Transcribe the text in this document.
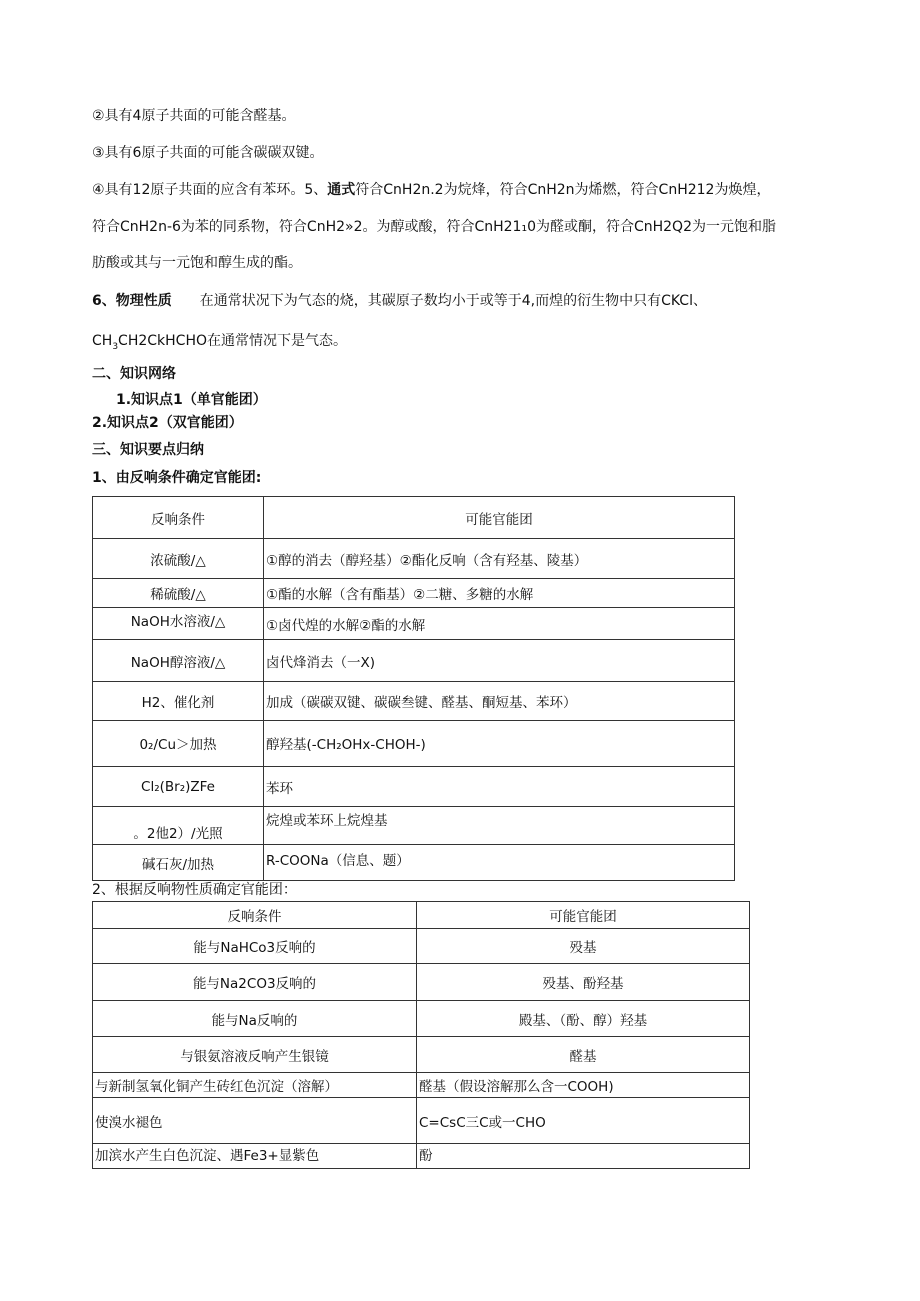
②具有4原子共面的可能含醛基。
③具有6原子共面的可能含碳碳双键。
④具有12原子共面的应含有苯环。5、通式符合CnH2n.2为烷烽，符合CnH2n为烯燃，符合CnH212为焕煌，
符合CnH2n-6为苯的同系物，符合CnH2»2。为醇或酸，符合CnH21₁0为醛或酮，符合CnH2Q2为一元饱和脂
肪酸或其与一元饱和醇生成的酯。
6、物理性质 在通常状况下为气态的烧，其碳原子数均小于或等于4,而煌的衍生物中只有CKCl、
$CH_3CH2CkHCHO$在通常情况下是气态。
二、知识网络
1.知识点1（单官能团）
2.知识点2（双官能团）
三、知识要点归纳
1、由反响条件确定官能团:
反响条件	可能官能团
浓硫酸/△	①醇的消去（醇羟基）②酯化反响（含有羟基、陵基）
稀硫酸/△	①酯的水解（含有酯基）②二糖、多糖的水解
NaOH水溶液/△	①卤代煌的水解②酯的水解
NaOH醇溶液/△	卤代烽消去（一X)
H2、催化剂	加成（碳碳双键、碳碳叁键、醛基、酮短基、苯环）
0₂/Cu＞加热	醇羟基(-CH₂OHx-CHOH-)
Cl₂(Br₂)ZFe	苯环
。2他2）/光照	烷煌或苯环上烷煌基
碱石灰/加热	R-COONa（信息、题）
2、根据反响物性质确定官能团：
反响条件	可能官能团
能与NaHCo3反响的	殁基
能与Na2CO3反响的	殁基、酚羟基
能与Na反响的	殿基、（酚、醇）羟基
与银氨溶液反响产生银镜	醛基
与新制氢氧化铜产生砖红色沉淀（溶解）	醛基（假设溶解那么含一COOH)
使溴水褪色	C=CsC三C或一CHO
加滨水产生白色沉淀、遇Fe3+显紫色	酚
